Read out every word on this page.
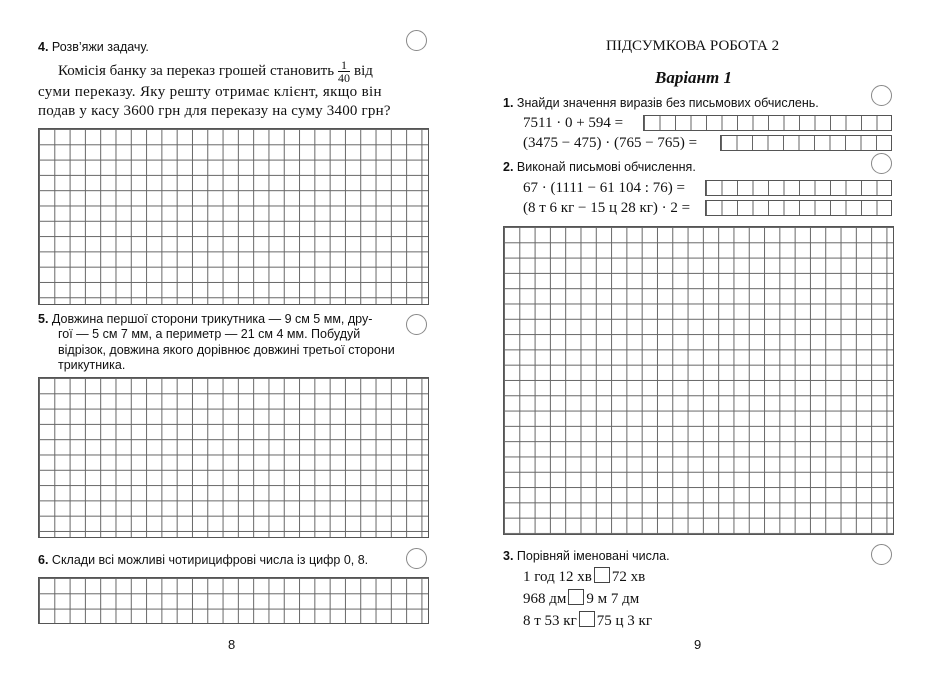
4. Розв’яжи задачу.
Комісія банку за переказ грошей становить $\frac{1}{40}$ від
суми переказу. Яку решту отримає клієнт, якщо він
подав у касу 3600 грн для переказу на суму 3400 грн?
5. Довжина першої сторони трикутника — 9 см 5 мм, дру-
гої — 5 см 7 мм, а периметр — 21 см 4 мм. Побудуй
відрізок, довжина якого дорівнює довжині третьої сторони
трикутника.
6. Склади всі можливі чотирицифрові числа із цифр 0, 8.
8
ПІДСУМКОВА РОБОТА 2
Варіант 1
1. Знайди значення виразів без письмових обчислень.
7511 · 0 + 594 =
(3475 − 475) · (765 − 765) =
2. Виконай письмові обчислення.
67 · (1111 − 61 104 : 76) =
(8 т 6 кг − 15 ц 28 кг) · 2 =
3. Порівняй іменовані числа.
1 год 12 хв 72 хв
968 дм 9 м 7 дм
8 т 53 кг 75 ц 3 кг
9
